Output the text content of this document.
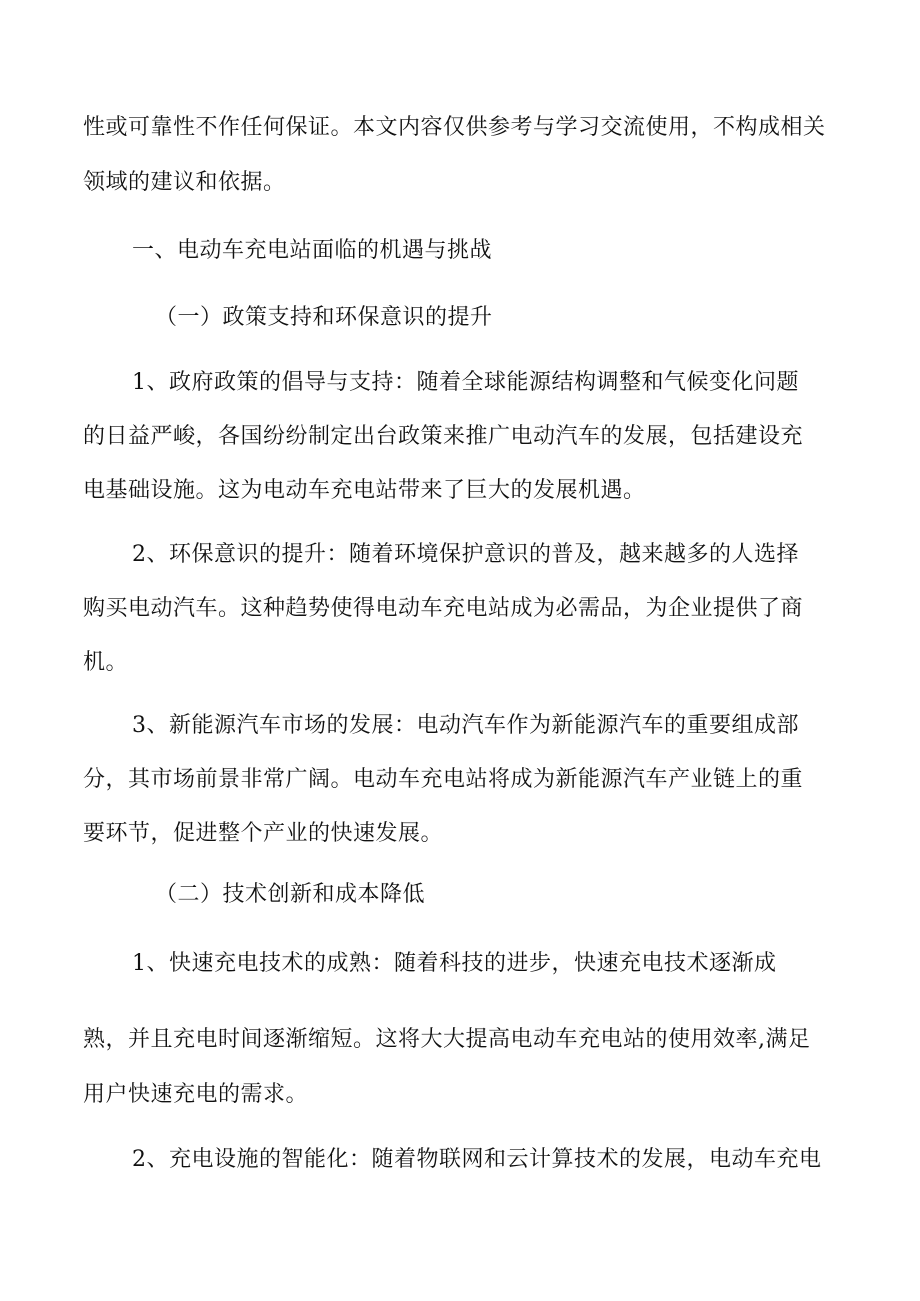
性或可靠性不作任何保证。本文内容仅供参考与学习交流使用，不构成相关
领域的建议和依据。
一、电动车充电站面临的机遇与挑战
（一）政策支持和环保意识的提升
1、政府政策的倡导与支持：随着全球能源结构调整和气候变化问题
的日益严峻，各国纷纷制定出台政策来推广电动汽车的发展，包括建设充
电基础设施。这为电动车充电站带来了巨大的发展机遇。
2、环保意识的提升：随着环境保护意识的普及，越来越多的人选择
购买电动汽车。这种趋势使得电动车充电站成为必需品，为企业提供了商
机。
3、新能源汽车市场的发展：电动汽车作为新能源汽车的重要组成部
分，其市场前景非常广阔。电动车充电站将成为新能源汽车产业链上的重
要环节，促进整个产业的快速发展。
（二）技术创新和成本降低
1、快速充电技术的成熟：随着科技的进步，快速充电技术逐渐成
熟，并且充电时间逐渐缩短。这将大大提高电动车充电站的使用效率,满足
用户快速充电的需求。
2、充电设施的智能化：随着物联网和云计算技术的发展，电动车充电
